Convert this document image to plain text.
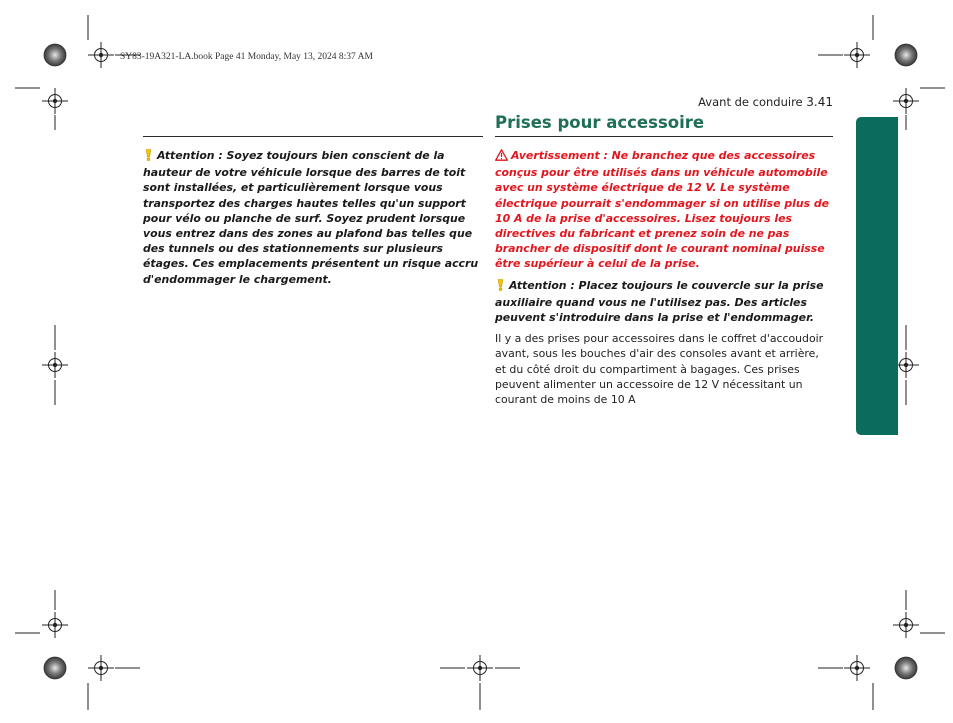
SY83-19A321-LA.book Page 41 Monday, May 13, 2024 8:37 AM
Avant de conduire 3.41
Prises pour accessoire

Attention : Soyez toujours bien conscient de la hauteur de votre véhicule lorsque des barres de toit sont installées, et particulièrement lorsque vous transportez des charges hautes telles qu'un support pour vélo ou planche de surf. Soyez prudent lorsque vous entrez dans des zones au plafond bas telles que des tunnels ou des stationnements sur plusieurs étages. Ces emplacements présentent un risque accru d'endommager le chargement.

Avertissement : Ne branchez que des accessoires conçus pour être utilisés dans un véhicule automobile avec un système électrique de 12 V. Le système électrique pourrait s'endommager si on utilise plus de 10 A de la prise d'accessoires. Lisez toujours les directives du fabricant et prenez soin de ne pas brancher de dispositif dont le courant nominal puisse être supérieur à celui de la prise.

Attention : Placez toujours le couvercle sur la prise auxiliaire quand vous ne l'utilisez pas. Des articles peuvent s'introduire dans la prise et l'endommager.

Il y a des prises pour accessoires dans le coffret d'accoudoir avant, sous les bouches d'air des consoles avant et arrière, et du côté droit du compartiment à bagages. Ces prises peuvent alimenter un accessoire de 12 V nécessitant un courant de moins de 10 A
